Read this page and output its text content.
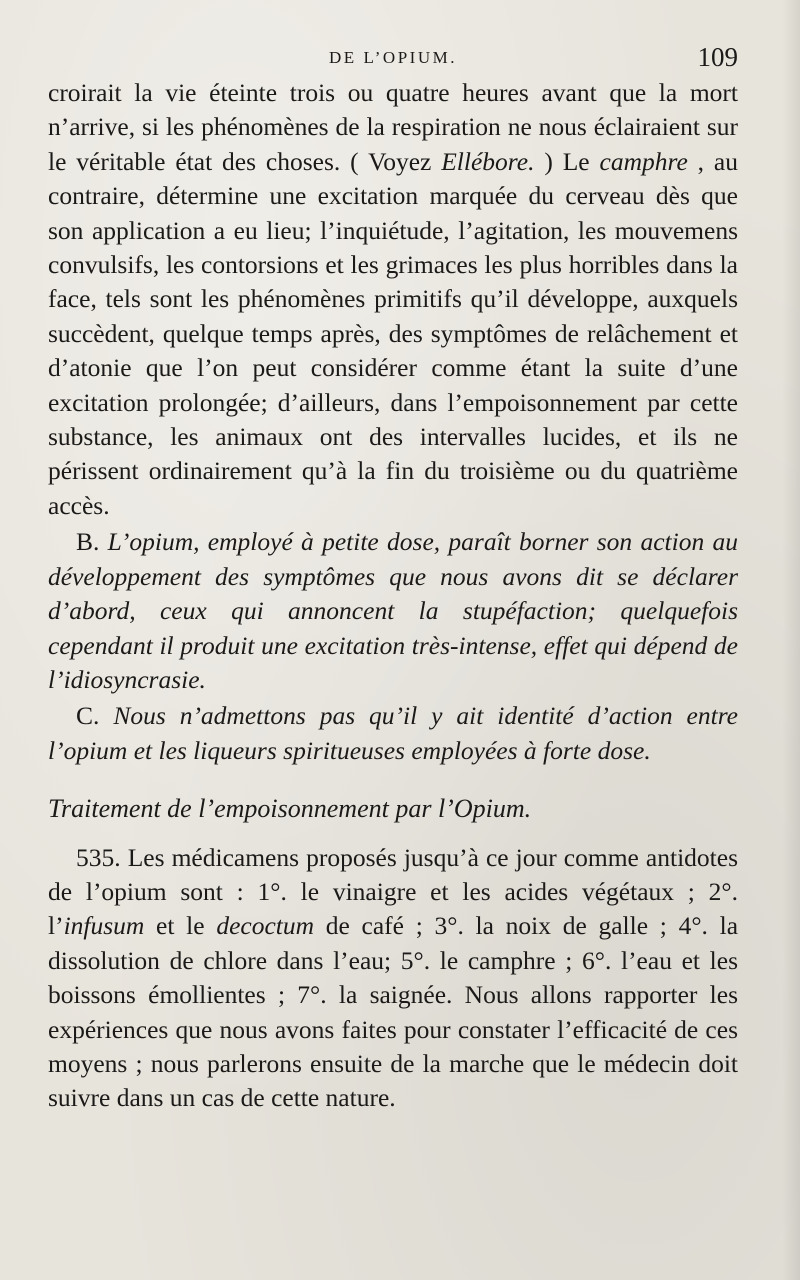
DE L’OPIUM.	109

croirait la vie éteinte trois ou quatre heures avant que la mort n’arrive, si les phénomènes de la respiration ne nous éclairaient sur le véritable état des choses. ( Voyez Ellébore. ) Le camphre , au contraire, détermine une excitation marquée du cerveau dès que son application a eu lieu; l’inquiétude, l’agitation, les mouvemens convulsifs, les contorsions et les grimaces les plus horribles dans la face, tels sont les phénomènes primitifs qu’il développe, auxquels succèdent, quelque temps après, des symptômes de relâchement et d’atonie que l’on peut considérer comme étant la suite d’une excitation prolongée; d’ailleurs, dans l’empoisonnement par cette substance, les animaux ont des intervalles lucides, et ils ne périssent ordinairement qu’à la fin du troisième ou du quatrième accès.

B. L’opium, employé à petite dose, paraît borner son action au développement des symptômes que nous avons dit se déclarer d’abord, ceux qui annoncent la stupéfaction; quelquefois cependant il produit une excitation très-intense, effet qui dépend de l’idiosyncrasie.

C. Nous n’admettons pas qu’il y ait identité d’action entre l’opium et les liqueurs spiritueuses employées à forte dose.

Traitement de l’empoisonnement par l’Opium.

535. Les médicamens proposés jusqu’à ce jour comme antidotes de l’opium sont : 1°. le vinaigre et les acides végétaux ; 2°. l’infusum et le decoctum de café ; 3°. la noix de galle ; 4°. la dissolution de chlore dans l’eau; 5°. le camphre ; 6°. l’eau et les boissons émollientes ; 7°. la saignée. Nous allons rapporter les expériences que nous avons faites pour constater l’efficacité de ces moyens ; nous parlerons ensuite de la marche que le médecin doit suivre dans un cas de cette nature.
